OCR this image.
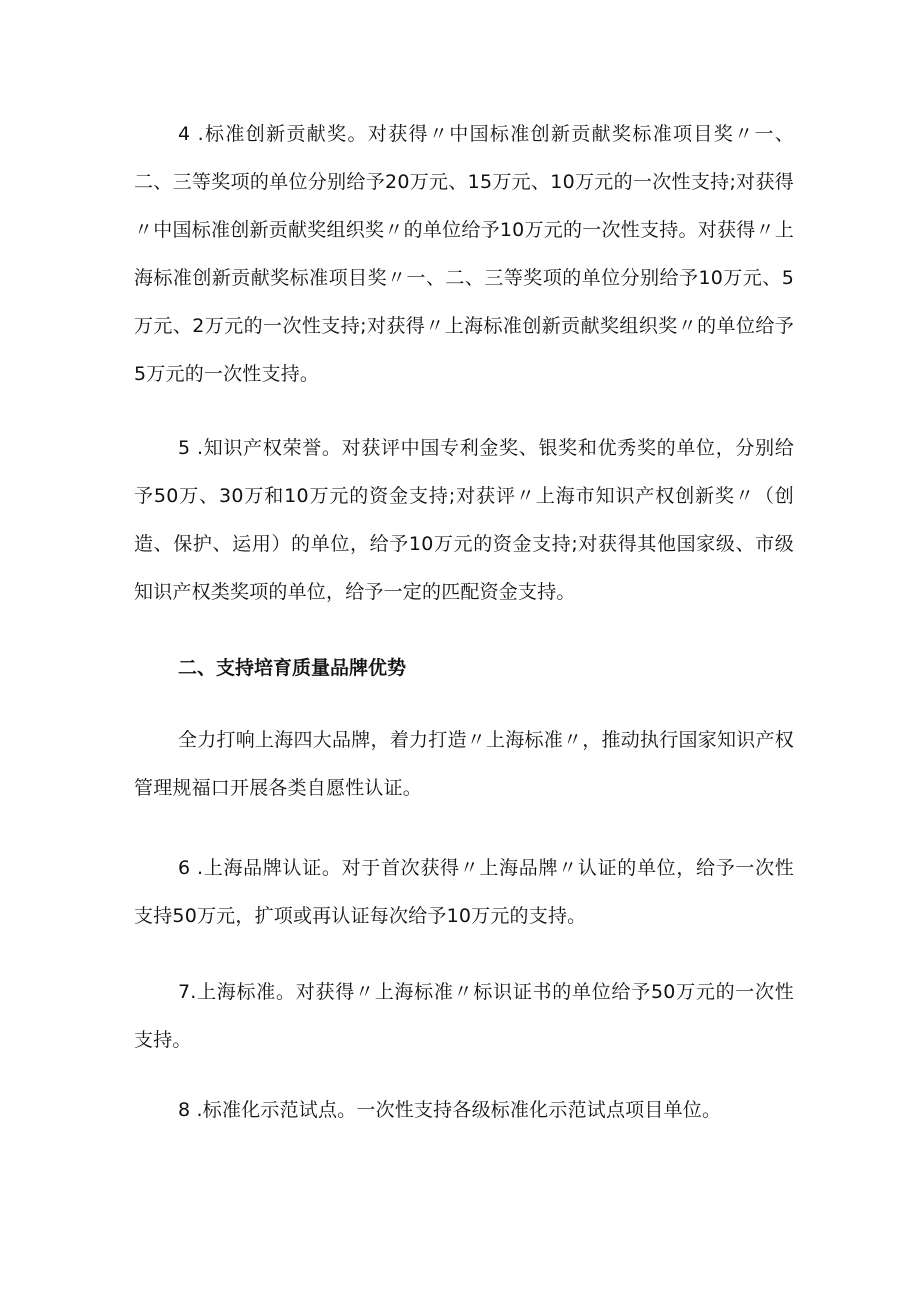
4 .标准创新贡献奖。对获得〃中国标准创新贡献奖标准项目奖〃一、二、三等奖项的单位分别给予20万元、15万元、10万元的一次性支持;对获得〃中国标准创新贡献奖组织奖〃的单位给予10万元的一次性支持。对获得〃上海标准创新贡献奖标准项目奖〃一、二、三等奖项的单位分别给予10万元、5万元、2万元的一次性支持;对获得〃上海标准创新贡献奖组织奖〃的单位给予5万元的一次性支持。

5 .知识产权荣誉。对获评中国专利金奖、银奖和优秀奖的单位，分别给予50万、30万和10万元的资金支持;对获评〃上海市知识产权创新奖〃（创造、保护、运用）的单位，给予10万元的资金支持;对获得其他国家级、市级知识产权类奖项的单位，给予一定的匹配资金支持。

二、支持培育质量品牌优势

全力打响上海四大品牌，着力打造〃上海标准〃，推动执行国家知识产权管理规福口开展各类自愿性认证。

6 .上海品牌认证。对于首次获得〃上海品牌〃认证的单位，给予一次性支持50万元，扩项或再认证每次给予10万元的支持。

7.上海标准。对获得〃上海标准〃标识证书的单位给予50万元的一次性支持。

8 .标准化示范试点。一次性支持各级标准化示范试点项目单位。
